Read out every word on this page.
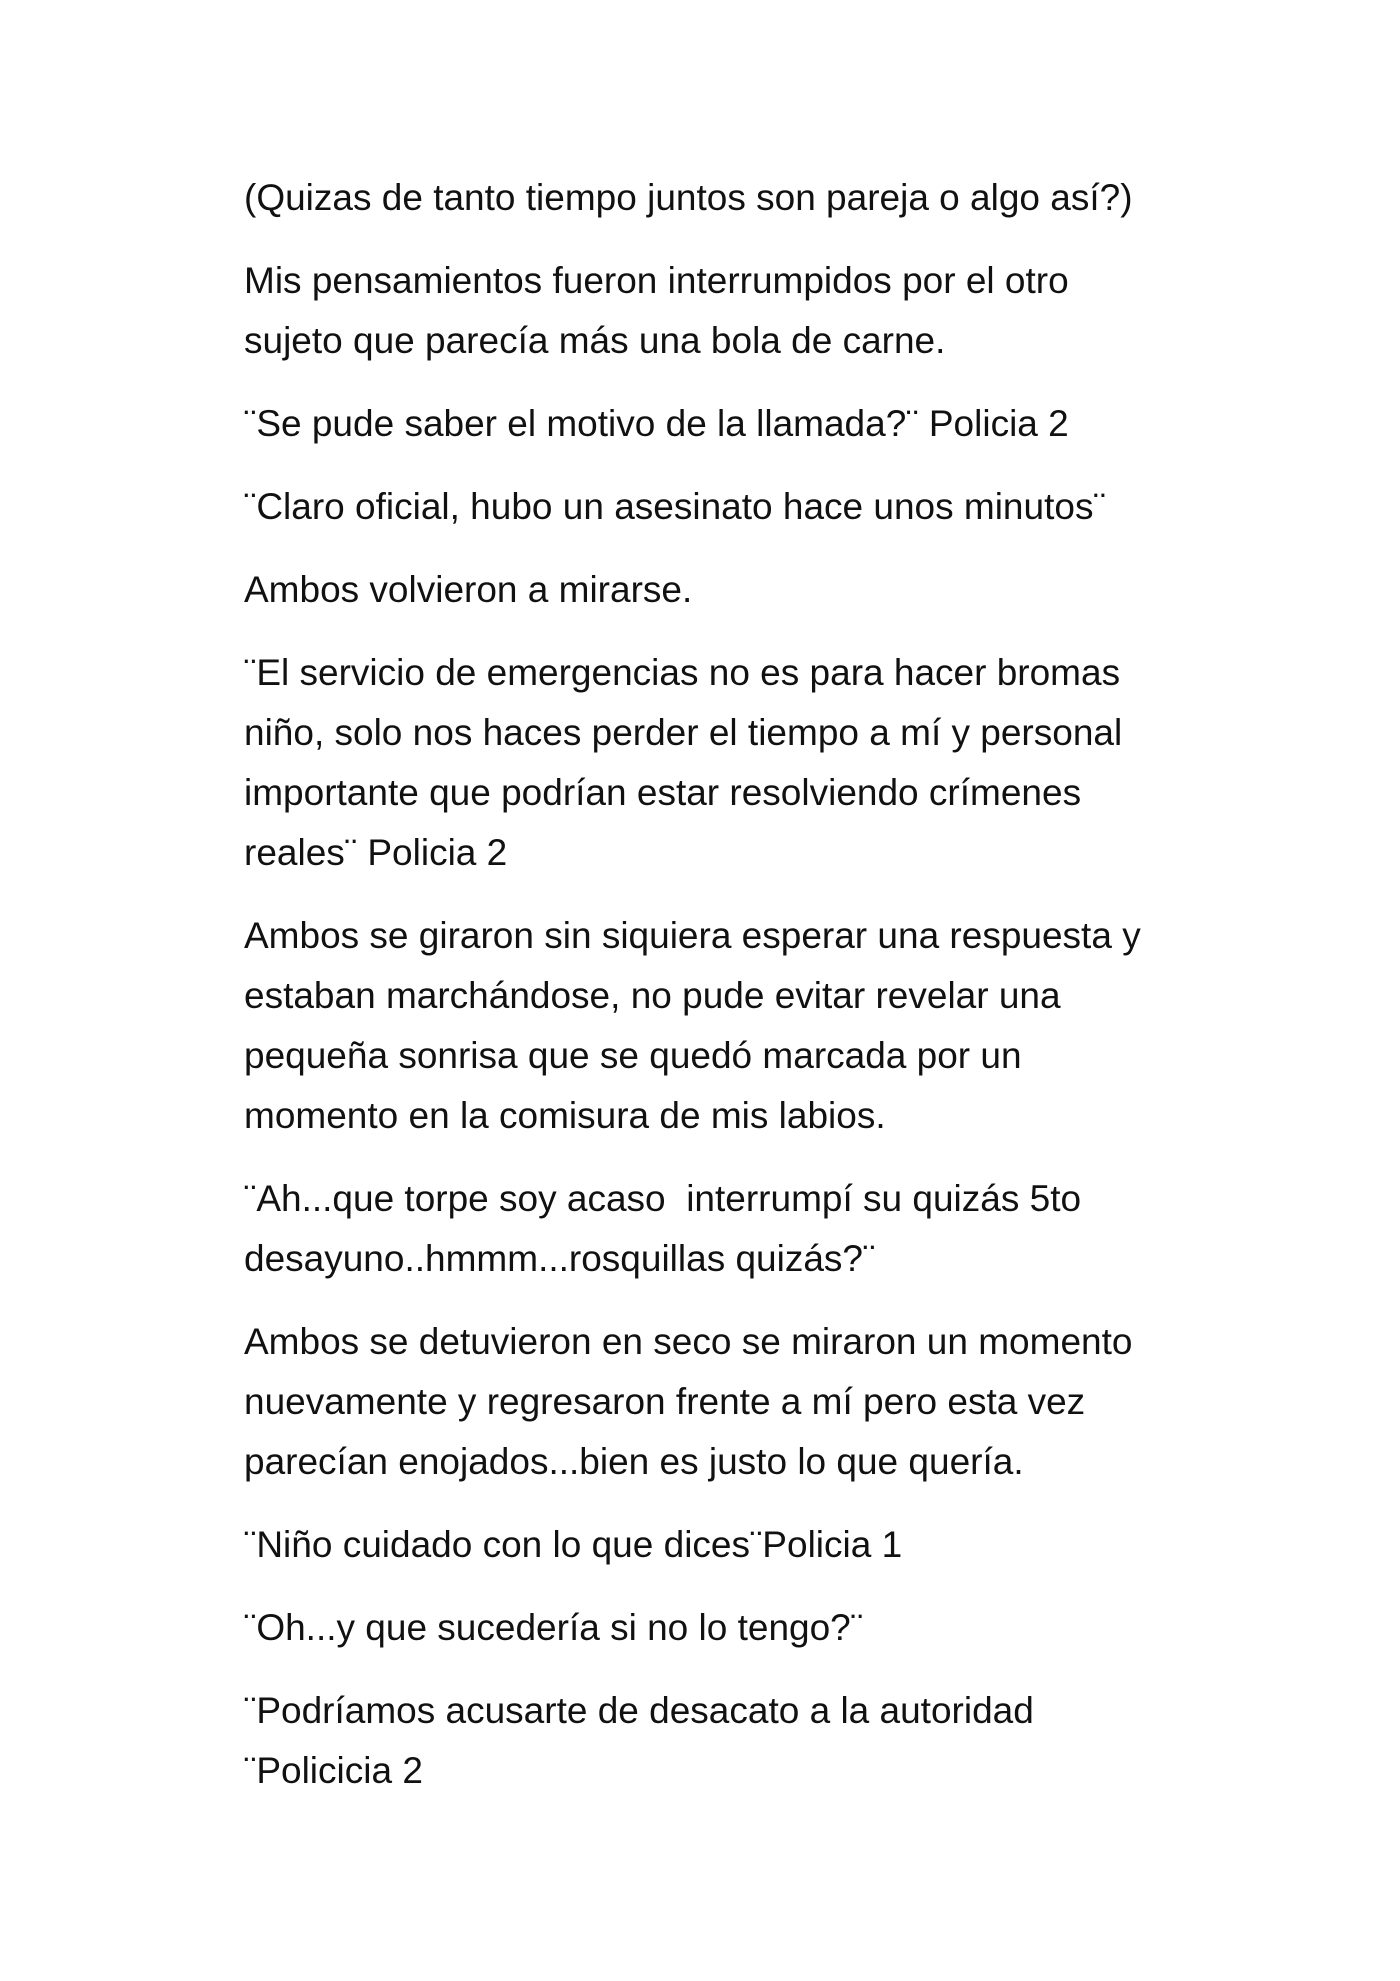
(Quizas de tanto tiempo juntos son pareja o algo así?)

Mis pensamientos fueron interrumpidos por el otro
sujeto que parecía más una bola de carne.

¨Se pude saber el motivo de la llamada?¨ Policia 2

¨Claro oficial, hubo un asesinato hace unos minutos¨

Ambos volvieron a mirarse.

¨El servicio de emergencias no es para hacer bromas
niño, solo nos haces perder el tiempo a mí y personal
importante que podrían estar resolviendo crímenes
reales¨ Policia 2

Ambos se giraron sin siquiera esperar una respuesta y
estaban marchándose, no pude evitar revelar una
pequeña sonrisa que se quedó marcada por un
momento en la comisura de mis labios.

¨Ah...que torpe soy acaso  interrumpí su quizás 5to
desayuno..hmmm...rosquillas quizás?¨

Ambos se detuvieron en seco se miraron un momento
nuevamente y regresaron frente a mí pero esta vez
parecían enojados...bien es justo lo que quería.

¨Niño cuidado con lo que dices¨Policia 1

¨Oh...y que sucedería si no lo tengo?¨

¨Podríamos acusarte de desacato a la autoridad
¨Policicia 2
